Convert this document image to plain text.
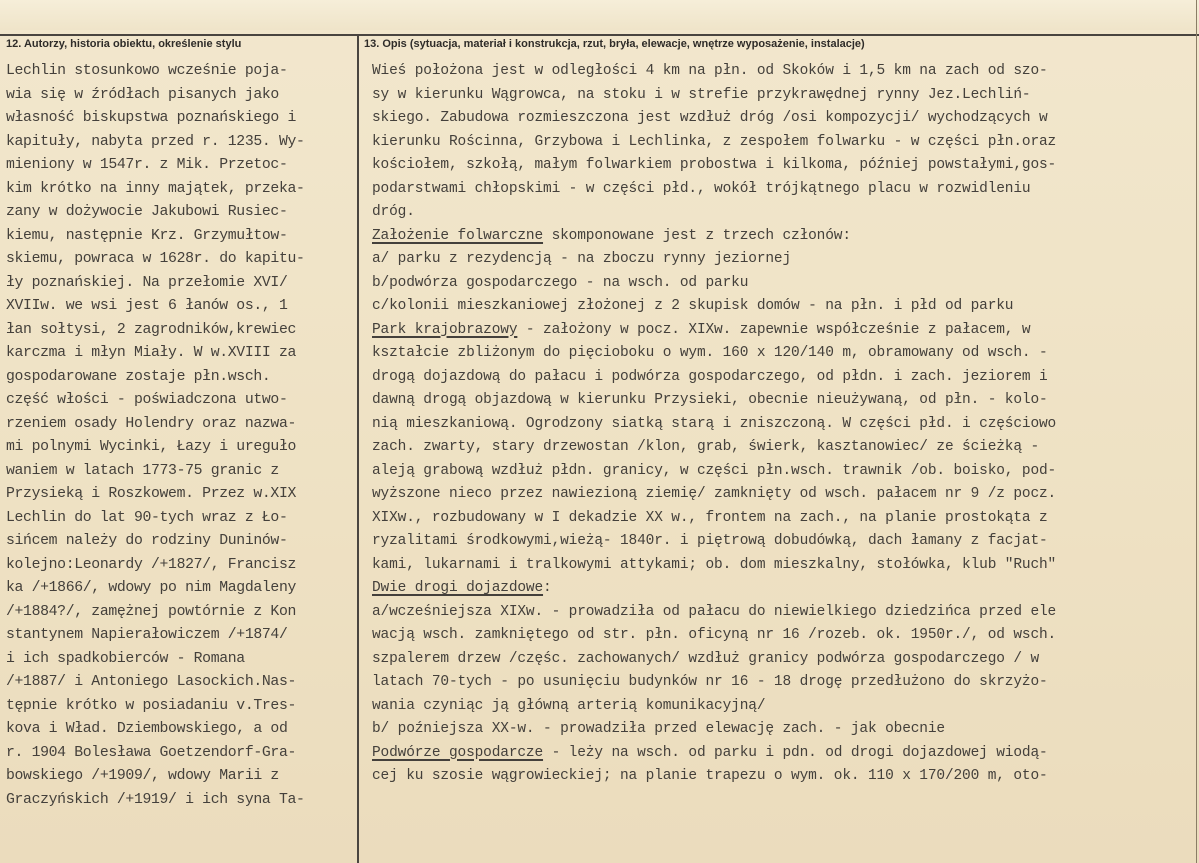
12. Autorzy, historia obiektu, określenie stylu	13. Opis (sytuacja, materiał i konstrukcja, rzut, bryła, elewacje, wnętrze wyposażenie, instalacje)
Lechlin stosunkowo wcześnie poja-
wia się w źródłach pisanych jako
własność biskupstwa poznańskiego i
kapituły, nabyta przed r. 1235. Wy-
mieniony w 1547r. z Mik. Przetoc-
kim krótko na inny majątek, przeka-
zany w dożywocie Jakubowi Rusiec-
kiemu, następnie Krz. Grzymułtow-
skiemu, powraca w 1628r. do kapitu-
ły poznańskiej. Na przełomie XVI/
XVIIw. we wsi jest 6 łanów os., 1
łan sołtysi, 2 zagrodników,krewiec
karczma i młyn Miały. W w.XVIII za
gospodarowane zostaje płn.wsch.
część włości - poświadczona utwo-
rzeniem osady Holendry oraz nazwa-
mi polnymi Wycinki, Łazy i ureguło
waniem w latach 1773-75 granic z
Przysieką i Roszkowem. Przez w.XIX
Lechlin do lat 90-tych wraz z Ło-
sińcem należy do rodziny Duninów-
kolejno:Leonardy /+1827/, Francisz
ka /+1866/, wdowy po nim Magdaleny
/+1884?/, zamężnej powtórnie z Kon
stantynem Napierałowiczem /+1874/
i ich spadkobierców - Romana
/+1887/ i Antoniego Lasockich.Nas-
tępnie krótko w posiadaniu v.Tres-
kova i Wład. Dziembowskiego, a od
r. 1904 Bolesława Goetzendorf-Gra-
bowskiego /+1909/, wdowy Marii z
Graczyńskich /+1919/ i ich syna Ta-
Wieś położona jest w odległości 4 km na płn. od Skoków i 1,5 km na zach od szo-
sy w kierunku Wągrowca, na stoku i w strefie przykrawędnej rynny Jez.Lechliń-
skiego. Zabudowa rozmieszczona jest wzdłuż dróg /osi kompozycji/ wychodzących w
kierunku Rościnna, Grzybowa i Lechlinka, z zespołem folwarku - w części płn.oraz
kościołem, szkołą, małym folwarkiem probostwa i kilkoma, później powstałymi,gos-
podarstwami chłopskimi - w części płd., wokół trójkątnego placu w rozwidleniu
dróg.
Założenie folwarczne skomponowane jest z trzech członów:
a/ parku z rezydencją - na zboczu rynny jeziornej
b/podwórza gospodarczego - na wsch. od parku
c/kolonii mieszkaniowej złożonej z 2 skupisk domów - na płn. i płd od parku
Park krajobrazowy - założony w pocz. XIXw. zapewnie współcześnie z pałacem, w
kształcie zbliżonym do pięcioboku o wym. 160 x 120/140 m, obramowany od wsch. -
drogą dojazdową do pałacu i podwórza gospodarczego, od płdn. i zach. jeziorem i
dawną drogą objazdową w kierunku Przysieki, obecnie nieużywaną, od płn. - kolo-
nią mieszkaniową. Ogrodzony siatką starą i zniszczoną. W części płd. i częściowo
zach. zwarty, stary drzewostan /klon, grab, świerk, kasztanowiec/ ze ścieżką -
aleją grabową wzdłuż płdn. granicy, w części płn.wsch. trawnik /ob. boisko, pod-
wyższone nieco przez nawiezioną ziemię/ zamknięty od wsch. pałacem nr 9 /z pocz.
XIXw., rozbudowany w I dekadzie XX w., frontem na zach., na planie prostokąta z
ryzalitami środkowymi,wieżą- 1840r. i piętrową dobudówką, dach łamany z facjat-
kami, lukarnami i tralkowymi attykami; ob. dom mieszkalny, stołówka, klub "Ruch"
Dwie drogi dojazdowe:
a/wcześniejsza XIXw. - prowadziła od pałacu do niewielkiego dziedzińca przed ele
wacją wsch. zamkniętego od str. płn. oficyną nr 16 /rozeb. ok. 1950r./, od wsch.
szpalerem drzew /częśc. zachowanych/ wzdłuż granicy podwórza gospodarczego / w
latach 70-tych - po usunięciu budynków nr 16 - 18 drogę przedłużono do skrzyżo-
wania czyniąc ją główną arterią komunikacyjną/
b/ poźniejsza XX-w. - prowadziła przed elewację zach. - jak obecnie
Podwórze gospodarcze - leży na wsch. od parku i pdn. od drogi dojazdowej wiodą-
cej ku szosie wągrowieckiej; na planie trapezu o wym. ok. 110 x 170/200 m, oto-
